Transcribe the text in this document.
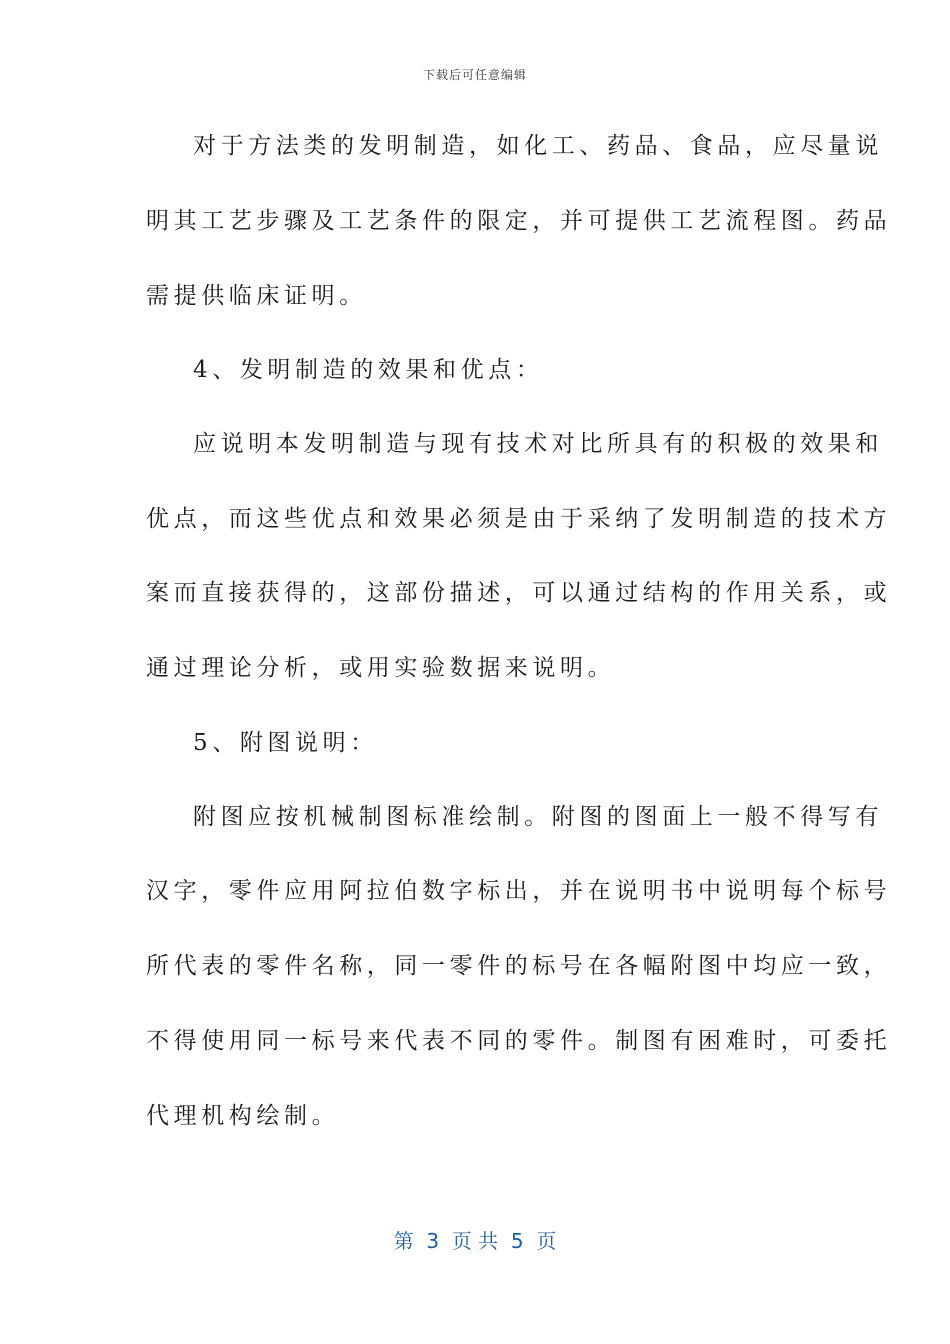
下载后可任意编辑
对于方法类的发明制造，如化工、药品、食品，应尽量说
明其工艺步骤及工艺条件的限定，并可提供工艺流程图。药品
需提供临床证明。
4、发明制造的效果和优点：
应说明本发明制造与现有技术对比所具有的积极的效果和
优点，而这些优点和效果必须是由于采纳了发明制造的技术方
案而直接获得的，这部份描述，可以通过结构的作用关系，或
通过理论分析，或用实验数据来说明。
5、附图说明：
附图应按机械制图标准绘制。附图的图面上一般不得写有
汉字，零件应用阿拉伯数字标出，并在说明书中说明每个标号
所代表的零件名称，同一零件的标号在各幅附图中均应一致，
不得使用同一标号来代表不同的零件。制图有困难时，可委托
代理机构绘制。
第  3  页 共  5  页
